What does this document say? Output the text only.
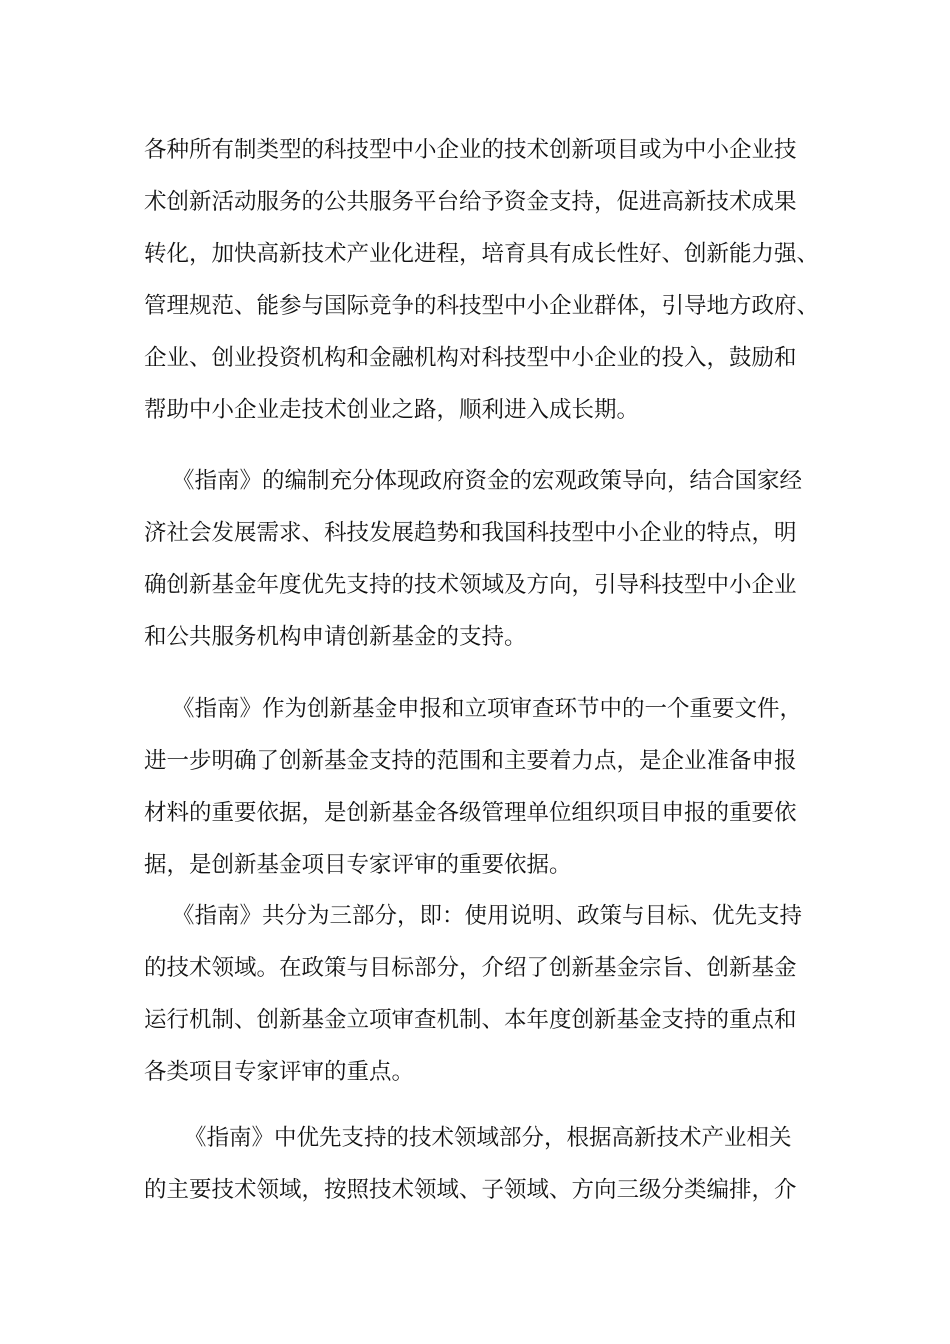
各种所有制类型的科技型中小企业的技术创新项目或为中小企业技
术创新活动服务的公共服务平台给予资金支持，促进高新技术成果
转化，加快高新技术产业化进程，培育具有成长性好、创新能力强、
管理规范、能参与国际竞争的科技型中小企业群体，引导地方政府、
企业、创业投资机构和金融机构对科技型中小企业的投入，鼓励和
帮助中小企业走技术创业之路，顺利进入成长期。
《指南》的编制充分体现政府资金的宏观政策导向，结合国家经
济社会发展需求、科技发展趋势和我国科技型中小企业的特点，明
确创新基金年度优先支持的技术领域及方向，引导科技型中小企业
和公共服务机构申请创新基金的支持。
《指南》作为创新基金申报和立项审查环节中的一个重要文件，
进一步明确了创新基金支持的范围和主要着力点，是企业准备申报
材料的重要依据，是创新基金各级管理单位组织项目申报的重要依
据，是创新基金项目专家评审的重要依据。
《指南》共分为三部分，即：使用说明、政策与目标、优先支持
的技术领域。在政策与目标部分，介绍了创新基金宗旨、创新基金
运行机制、创新基金立项审查机制、本年度创新基金支持的重点和
各类项目专家评审的重点。
《指南》中优先支持的技术领域部分，根据高新技术产业相关
的主要技术领域，按照技术领域、子领域、方向三级分类编排，介
